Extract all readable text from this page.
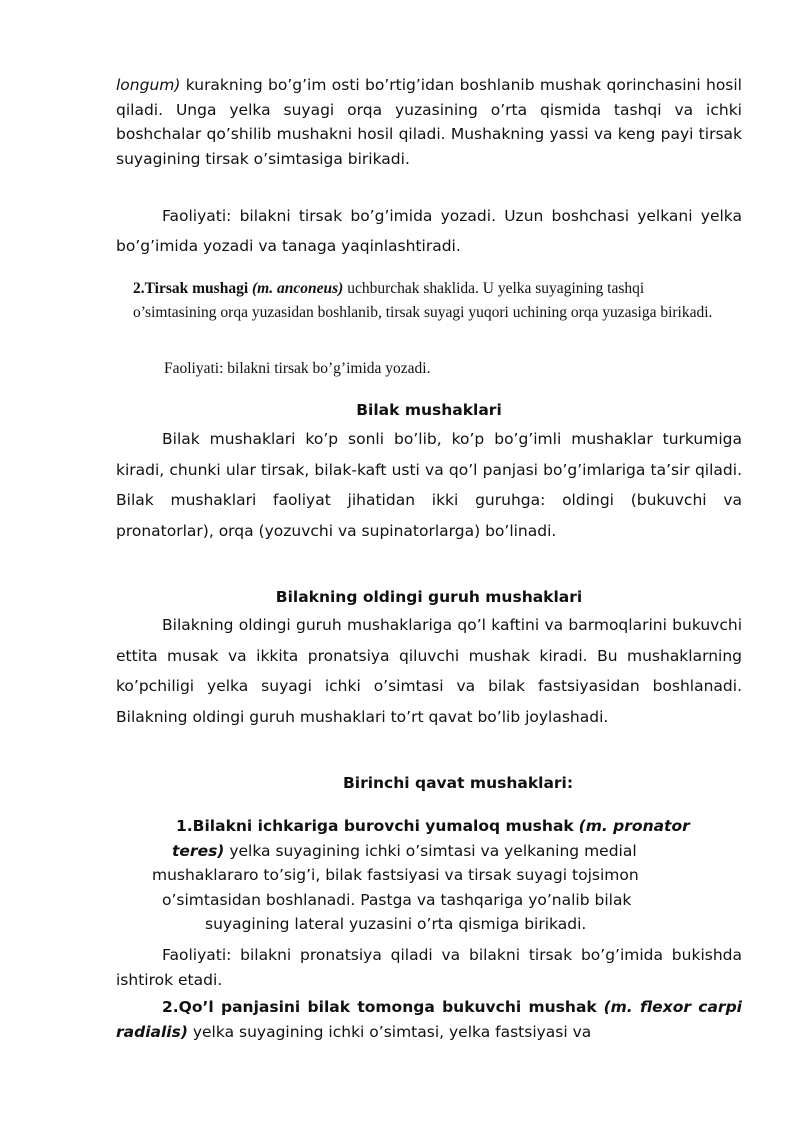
longum) kurakning bo’g’im osti bo’rtig’idan boshlanib mushak qorinchasini hosil qiladi. Unga yelka suyagi orqa yuzasining o’rta qismida tashqi va ichki boshchalar qo’shilib mushakni hosil qiladi. Mushakning yassi va keng payi tirsak suyagining tirsak o’simtasiga birikadi.

Faoliyati: bilakni tirsak bo’g’imida yozadi. Uzun boshchasi yelkani yelka bo’g’imida yozadi va tanaga yaqinlashtiradi.

2.Tirsak mushagi (m. anconeus) uchburchak shaklida. U yelka suyagining tashqi o’simtasining orqa yuzasidan boshlanib, tirsak suyagi yuqori uchining orqa yuzasiga birikadi.

Faoliyati: bilakni tirsak bo’g’imida yozadi.

Bilak mushaklari

Bilak mushaklari ko’p sonli bo’lib, ko’p bo’g’imli mushaklar turkumiga kiradi, chunki ular tirsak, bilak-kaft usti va qo’l panjasi bo’g’imlariga ta’sir qiladi. Bilak mushaklari faoliyat jihatidan ikki guruhga: oldingi (bukuvchi va pronatorlar), orqa (yozuvchi va supinatorlarga) bo’linadi.

Bilakning oldingi guruh mushaklari

Bilakning oldingi guruh mushaklariga qo’l kaftini va barmoqlarini bukuvchi ettita musak va ikkita pronatsiya qiluvchi mushak kiradi. Bu mushaklarning ko’pchiligi yelka suyagi ichki o’simtasi va bilak fastsiyasidan boshlanadi. Bilakning oldingi guruh mushaklari to’rt qavat bo’lib joylashadi.

Birinchi qavat mushaklari:

1.Bilakni ichkariga burovchi yumaloq mushak (m. pronator

teres) yelka suyagining ichki o’simtasi va yelkaning medial

mushaklararo to’sig’i, bilak fastsiyasi va tirsak suyagi tojsimon

o’simtasidan boshlanadi. Pastga va tashqariga yo’nalib bilak

suyagining lateral yuzasini o’rta qismiga birikadi.

Faoliyati: bilakni pronatsiya qiladi va bilakni tirsak bo’g’imida bukishda ishtirok etadi.

2.Qo’l panjasini bilak tomonga bukuvchi mushak (m. flexor carpi radialis) yelka suyagining ichki o’simtasi, yelka fastsiyasi va
